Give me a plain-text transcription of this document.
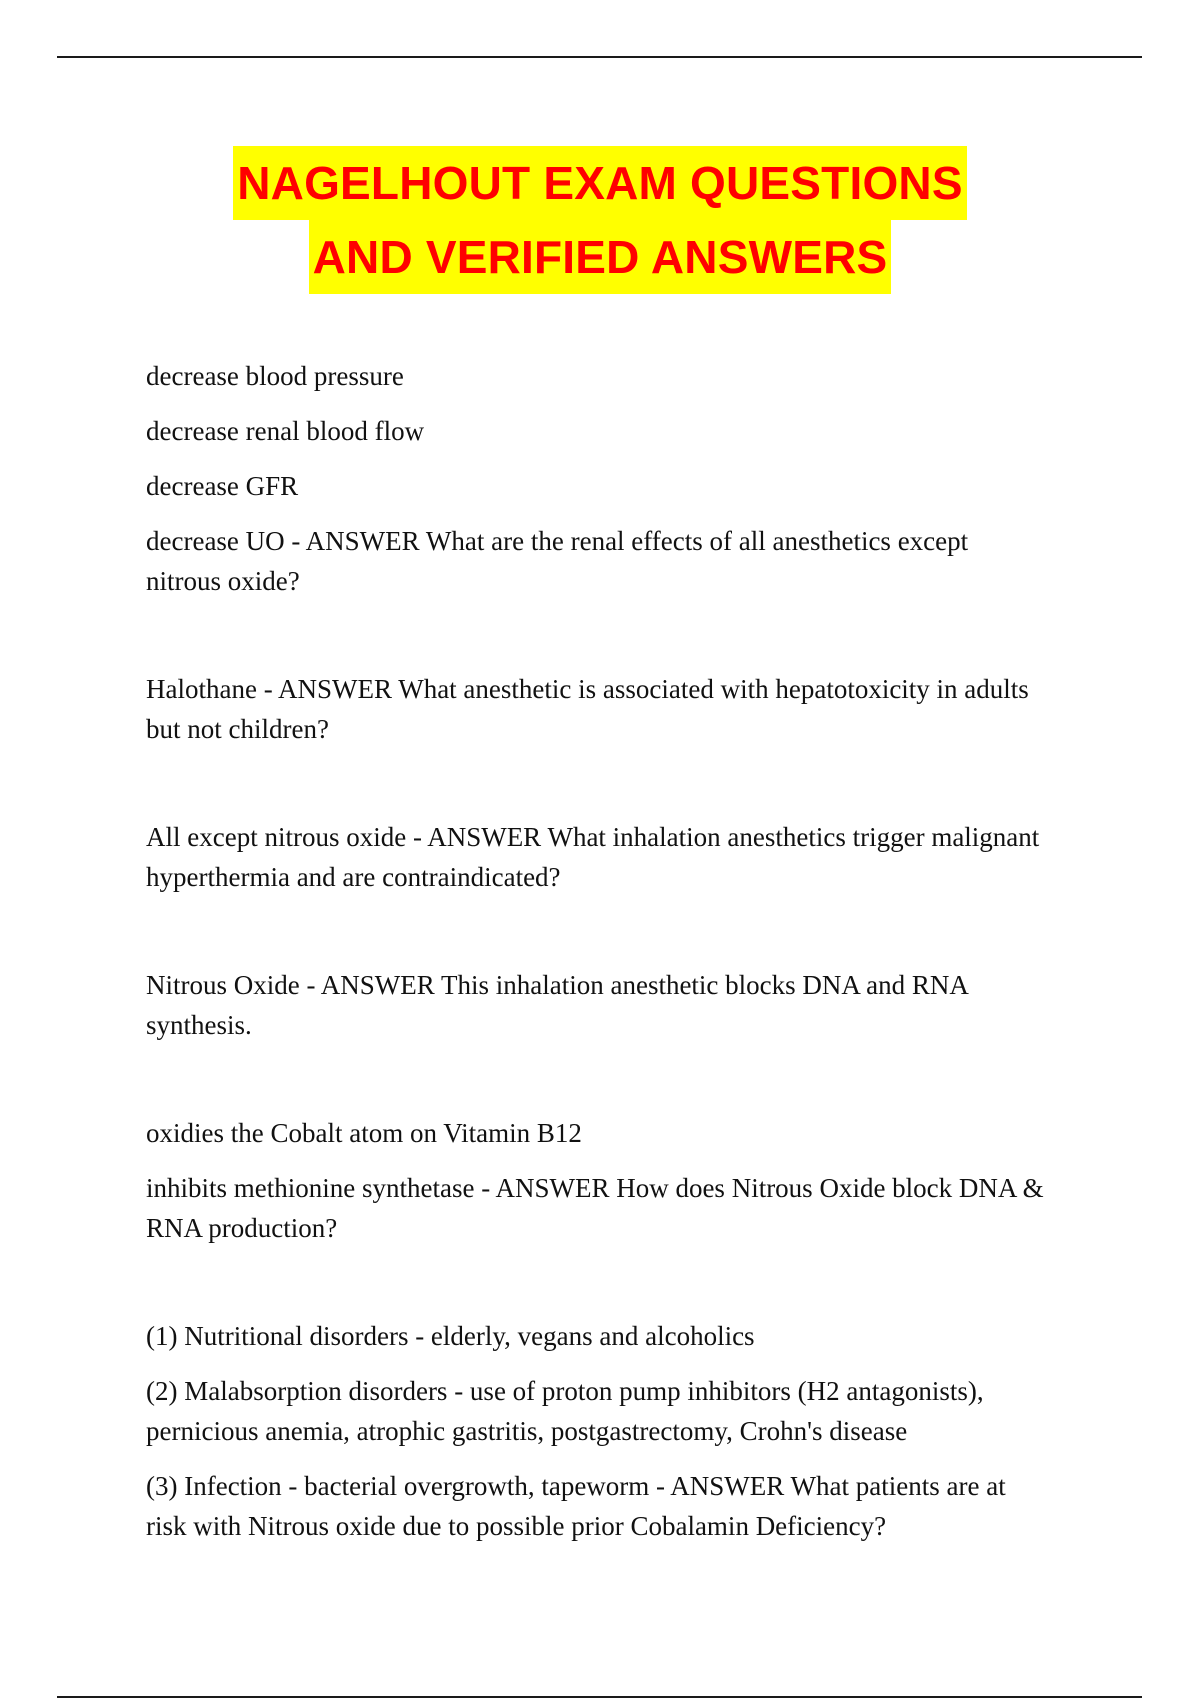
NAGELHOUT EXAM QUESTIONS
AND VERIFIED ANSWERS

decrease blood pressure

decrease renal blood flow

decrease GFR

decrease UO - ANSWER What are the renal effects of all anesthetics except nitrous oxide?

Halothane - ANSWER What anesthetic is associated with hepatotoxicity in adults but not children?

All except nitrous oxide - ANSWER What inhalation anesthetics trigger malignant hyperthermia and are contraindicated?

Nitrous Oxide - ANSWER This inhalation anesthetic blocks DNA and RNA synthesis.

oxidies the Cobalt atom on Vitamin B12

inhibits methionine synthetase - ANSWER How does Nitrous Oxide block DNA & RNA production?

(1) Nutritional disorders - elderly, vegans and alcoholics

(2) Malabsorption disorders - use of proton pump inhibitors (H2 antagonists), pernicious anemia, atrophic gastritis, postgastrectomy, Crohn's disease

(3) Infection - bacterial overgrowth, tapeworm - ANSWER What patients are at risk with Nitrous oxide due to possible prior Cobalamin Deficiency?
